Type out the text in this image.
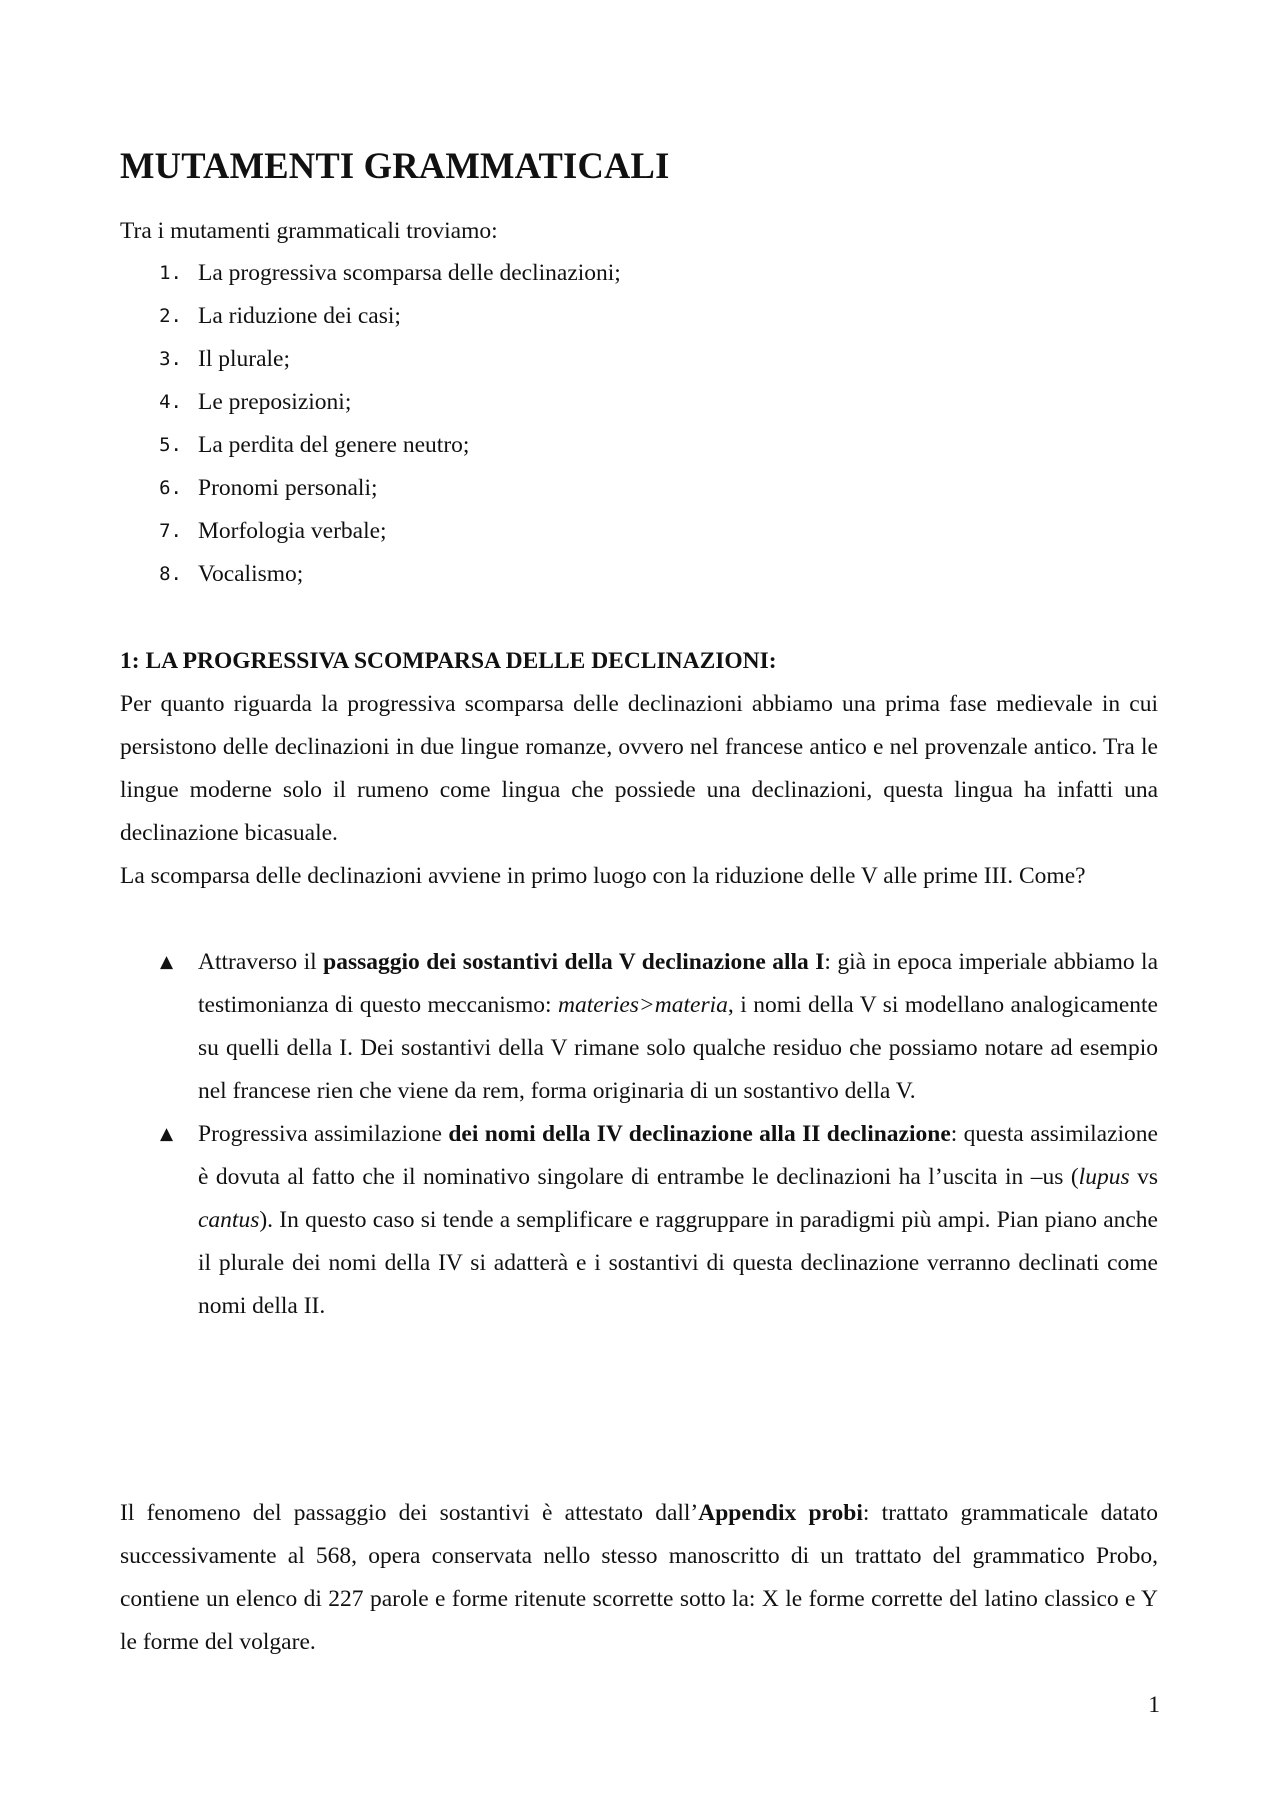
MUTAMENTI GRAMMATICALI

Tra i mutamenti grammaticali troviamo:

1. La progressiva scomparsa delle declinazioni;
2. La riduzione dei casi;
3. Il plurale;
4. Le preposizioni;
5. La perdita del genere neutro;
6. Pronomi personali;
7. Morfologia verbale;
8. Vocalismo;
1: LA PROGRESSIVA SCOMPARSA DELLE DECLINAZIONI:

Per quanto riguarda la progressiva scomparsa delle declinazioni abbiamo una prima fase medievale in cui persistono delle declinazioni in due lingue romanze, ovvero nel francese antico e nel provenzale antico. Tra le lingue moderne solo il rumeno come lingua che possiede una declinazioni, questa lingua ha infatti una declinazione bicasuale.

La scomparsa delle declinazioni avviene in primo luogo con la riduzione delle V alle prime III. Come?

▲ Attraverso il passaggio dei sostantivi della V declinazione alla I: già in epoca imperiale abbiamo la testimonianza di questo meccanismo: materies>materia, i nomi della V si modellano analogicamente su quelli della I. Dei sostantivi della V rimane solo qualche residuo che possiamo notare ad esempio nel francese rien che viene da rem, forma originaria di un sostantivo della V.
▲ Progressiva assimilazione dei nomi della IV declinazione alla II declinazione: questa assimilazione è dovuta al fatto che il nominativo singolare di entrambe le declinazioni ha l’uscita in –us (lupus vs cantus). In questo caso si tende a semplificare e raggruppare in paradigmi più ampi. Pian piano anche il plurale dei nomi della IV si adatterà e i sostantivi di questa declinazione verranno declinati come nomi della II.

Il fenomeno del passaggio dei sostantivi è attestato dall’Appendix probi: trattato grammaticale datato successivamente al 568, opera conservata nello stesso manoscritto di un trattato del grammatico Probo, contiene un elenco di 227 parole e forme ritenute scorrette sotto la: X le forme corrette del latino classico e Y le forme del volgare.

1
